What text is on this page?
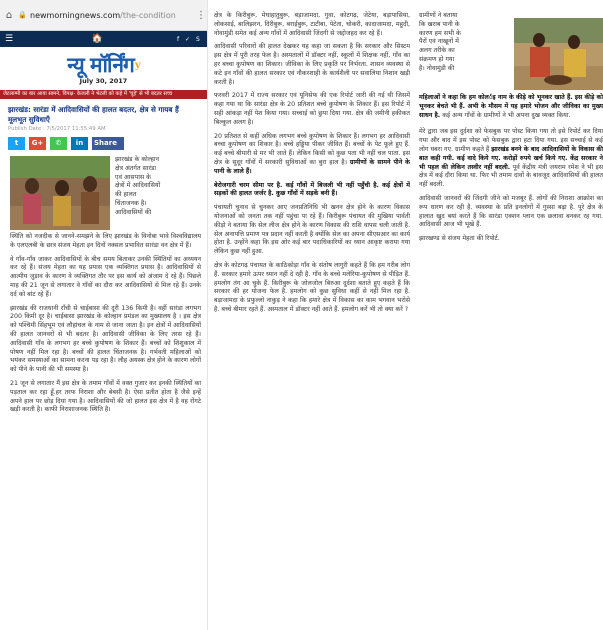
⌂ 🔒 newmorningnews.com /the-condition	⋮
☰	🏠	f ✓ S
न्यू मॉर्निंग y
July 30, 2017
जेटलाम्मी का बार आया सामने, विपक्ष- केजली ने भेटली को कहे में 'चूहे' से भी बदतर सच्च
झारखंड: सारंडा में आदिवासियों की हालत बदतर, क्षेत्र से गायब हैं मूलभूत सुविधाएँ
Publish Date : 7/5/2017 11:55:49 AM
t	G+	✆	in	Share

झारखंड के कोल्हान
क्षेत्र अंतर्गत सारंडा
एवं आसपास के
क्षेत्रों में आदिवासियों
की हालत
चिंताजनक है।
आदिवासियों की

स्थिति को नजदीक से जानने-समझने के लिए झारखंड के विनोबा भावे विश्वविद्यालय के एलएलबी के छात्र संजय मेहता इन दिनों नक्सल प्रभावित सारंडा वन क्षेत्र में हैं।

वे गाँव-गाँव जाकर आदिवासियों के बीच समय बिताकर उनकी स्थितियों का अध्ययन कर रहे हैं। संजय मेहता का यह प्रयास एक व्यक्तिगत प्रयास है। आदिवासियों से आत्मीय जुड़ाव के कारण वे व्यक्तिगत तौर पर इस कार्य को अंजाम दे रहे हैं। पिछले माह की 21 जून से लगातार वे गाँवों का दौरा कर आदिवासियों से मिल रहे हैं। उनके दर्द को बांट रहे हैं।

झारखंड की राजधानी राँची से चाईबासा की दूरी 136 किमी है। वहीं सारंडा लगभग 200 किमी दूर है। चाईबासा झारखंड के कोल्हान प्रमंडल का मुख्यालय है । इस क्षेत्र को पश्चिमी सिंहभूम एवं लौहांचल के नाम से जाना जाता है। इन क्षेत्रों में आदिवासियों की हालत जानवरों से भी बदतर है। आदिवासी जीविका के लिए तरस रहे हैं। आदिवासी गाँव के लगभग हर बच्चे कुपोषण के शिकार हैं। बच्चों को शिशुकाल में पोषण नहीं मिल रहा है। बच्चों की हालत चिंताजनक है। गर्भवती महिलाओं को भयंकर समस्याओं का सामना करना पड़ रहा है। लौह अयस्क क्षेत्र होने के कारण लोगों को पीने के पानी की भी समस्या है।

21 जून से लगातार मैं इस क्षेत्र के तमाम गाँवों में वक्त गुजार कर इनकी स्थितियों का पड़ताल कर रहा हूँ.हर तरफ निराशा और बेबसी है। ऐसा प्रतीत होता है जैसे इन्हें अपने हाल पर छोड़ दिया गया है। आदिवासियों की जो हालत इस क्षेत्र में है वह रोंगटे खड़ी करती है। काफी निराशाजनक स्थिति है।

क्षेत्र के किरीबुरू, मेघाहातुबुरू, बड़ाजामदा, गुवा, कोटगढ़, जेटेया, बड़ापासिया, लोकसाई, बालिझरन, दिरीबुरू, बराईबुरू, टाटीबा, पेटेता, चोकरी, कादाजामदा, महुदी, नोवामुंडी समेत कई अन्य गाँवों में आदिवासी जिंदगी से जद्दोजहद कर रहे हैं।

आदिवासी परिवारों की हालत देखकर यह कहा जा सकता है कि सरकार और सिस्टम इस क्षेत्र में पूरी तरह फेल है। अस्पतालों में डॉक्टर नहीं, स्कूलों में शिक्षक नहीं, गाँव का हर बच्चा कुपोषण का शिकार। जीविका के लिए प्रकृति पर निर्भरता. शासन व्यवस्था से कटे इन गाँवों की हालत सरकार एवं नौकरशाही के कार्यशैली पर सवालिया निशान खड़ी करती है।

फरवरी 2017 में राज्य सरकार एवं यूनिसेफ की एक रिपोर्ट जारी की गई थी जिसमें कहा गया था कि सारंडा क्षेत्र के 20 प्रतिशत बच्चे कुपोषण के शिकार हैं। इस रिपोर्ट में सही आंकड़ा नहीं पेश किया गया। सच्चाई को छुपा दिया गया. क्षेत्र की जमीनी हकीकत बिल्कुल अलग है।

20 प्रतिशत से कहीं अधिक लगभग बच्चे कुपोषण के शिकार हैं। लगभग हर आदिवासी बच्चा कुपोषण का शिकार है। बच्चे हड्डिया पीकर जीवित हैं। बच्चों के पेट फूले हुए हैं. कई बच्चे बीमारी से मर भी जाते हैं। लेकिन किसी को कुछ पता भी नहीं चल पाता. इस क्षेत्र के सुदूर गाँवों में सरकारी सुविधाओं का बुरा हाल है। ग्रामीणों के सामने पीने के पानी के लाले हैं।

बेरोजगारी चरम सीमा पर है. कई गाँवों में बिजली भी नहीं पहुँची है. कई क्षेत्रों में सड़कों की हालत जर्जर है. कुछ गाँवों में सड़कें बनी हैं।

पंचायती चुनाव से चुनकर आए जनप्रतिनिधि भी खनन क्षेत्र होने के कारण विकास योजनाओं को जनता तक नहीं पहुंचा पा रहे हैं। किरीबुरू पंचायत की मुखिया पार्वती कीड़ो ने बताया कि सेल लीज क्षेत्र होने के कारण विकास की राशि वापस चली जाती है. सेल अनापत्ति प्रमाण पत्र प्रदान नहीं करती है क्योंकि सेल का अपना सीएसआर का कार्य होता है. उन्होंने कहा कि इस ओर कई बार पदाधिकारियों का ध्यान आकृष्ट कराया गया लेकिन कुछ नहीं हुआ.

क्षेत्र के कोटगढ़ पंचायत के काठिकोड़ा गाँव के संतोष लागुरी कहते हैं कि हम गरीब लोग हैं. सरकार हमारे ऊपर ध्यान नहीं दे रही है. गाँव के बच्चे मलेरिया-कुपोषण से पीड़ित हैं. हमलोग तंग आ चुके हैं. किरीबुरू के जोलजोल बिरुआ दुर्दशा बताते हुए कहते हैं कि सरकार की हर योजना फेल है. हमलोग को कुछ सुविधा कहीं से नहीं मिल रहा है. बड़ाजामदा के प्रफुल्लो नाकुड़ ने कहा कि हमारे क्षेत्र में विकास का काम भगवान भरोसे है. बच्चे बीमार रहते हैं. अस्पताल में डॉक्टर नहीं आते हैं. हमलोग करें भी तो क्या करें ?

ग्रामीणों ने बताया
कि खराब पानी के
कारण हम सभी के
पैरों एवं नाखूनों में
अलग तरीके का
संक्रमण हो गया
है। नोवामुंडी की

महिलाओं ने कहा कि हम कोलर्इ नाम के कीड़े को भूनकर खाते हैं. इस कीड़े को भूनकर बेचते भी हैं. अभी के मौसम में यह हमारे भोजन और जीविका का मुख्य साधन है. कई अन्य गाँवों के ग्रामीणों ने भी अपना दुख व्यक्त किया.

मेरे द्वारा जब इस दुर्दशा को फेसबुक पर पोस्ट किया गया तो इसे रिपोर्ट कर दिया गया और बाद में इस पोस्ट को फेसबुक द्वारा हटा दिया गया. इस सच्चाई से कई लोग घबरा गए. ग्रामीण कहते हैं झारखंड बनने के बाद आदिवासियों के विकास की बात कही गयी. कई वादे किये गए. करोड़ों रुपये खर्च किये गए. केंद्र सरकार ने भी पहल की लेकिन तस्वीर नहीं बदली. पूर्व केंद्रीय मंत्री जयराम रमेश ने भी इस क्षेत्र में कई दौरा किया था. फिर भी तमाम दावों के बावजूद आदिवासियों की हालत नहीं बदली.

आदिवासी जानवरों की जिंदगी जीने को मजबूर हैं. लोगों की निराशा आक्रोश का रूप धारण कर रही है. व्यवस्था के प्रति इनलोगों में गुस्सा बढ़ा है. पूरे क्षेत्र के हालात खुद बयां करते हैं कि सारंडा एक्शन प्लान एक छलावा बनकर रह गया. आदिवासी आज भी भूखे हैं.

झारखण्ड से संजय मेहता की रिपोर्ट.
